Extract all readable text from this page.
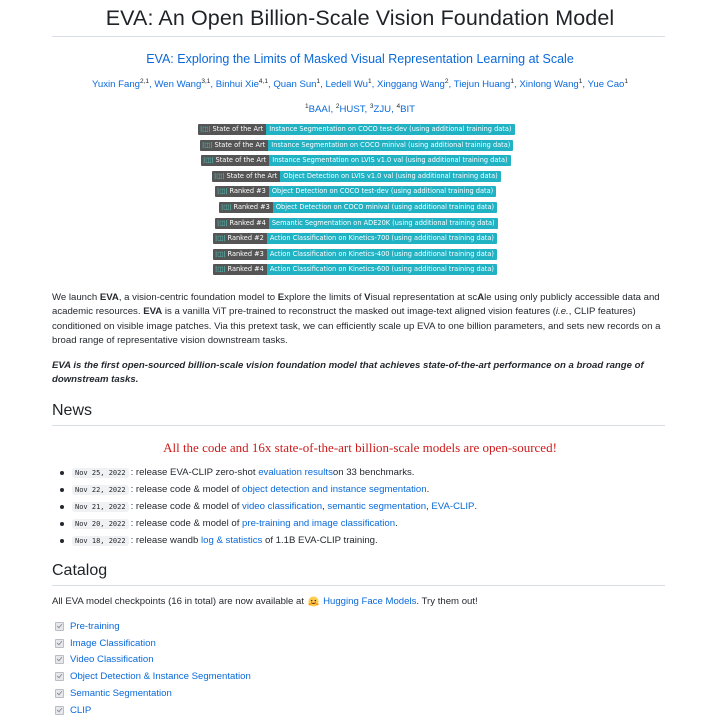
EVA: An Open Billion-Scale Vision Foundation Model
EVA: Exploring the Limits of Masked Visual Representation Learning at Scale
Yuxin Fang$^{2,1}$, Wen Wang$^{3,1}$, Binhui Xie$^{4,1}$, Quan Sun$^1$, Ledell Wu$^1$, Xinggang Wang$^2$, Tiejun Huang$^1$, Xinlong Wang$^1$, Yue Cao$^1$
$^1$BAAI, $^2$HUST, $^3$ZJU, $^4$BIT
|◫| State of the Art Instance Segmentation on COCO test-dev (using additional training data)
|◫| State of the Art Instance Segmentation on COCO minival (using additional training data)
|◫| State of the Art Instance Segmentation on LVIS v1.0 val (using additional training data)
|◫| State of the Art Object Detection on LVIS v1.0 val (using additional training data)
|◫| Ranked #3 Object Detection on COCO test-dev (using additional training data)
|◫| Ranked #3 Object Detection on COCO minival (using additional training data)
|◫| Ranked #4 Semantic Segmentation on ADE20K (using additional training data)
|◫| Ranked #2 Action Classification on Kinetics-700 (using additional training data)
|◫| Ranked #3 Action Classification on Kinetics-400 (using additional training data)
|◫| Ranked #4 Action Classification on Kinetics-600 (using additional training data)
We launch EVA, a vision-centric foundation model to Explore the limits of Visual representation at scAle using only publicly accessible data and academic resources. EVA is a vanilla ViT pre-trained to reconstruct the masked out image-text aligned vision features (i.e., CLIP features) conditioned on visible image patches. Via this pretext task, we can efficiently scale up EVA to one billion parameters, and sets new records on a broad range of representative vision downstream tasks.
EVA is the first open-sourced billion-scale vision foundation model that achieves state-of-the-art performance on a broad range of downstream tasks.
News
All the code and 16x state-of-the-art billion-scale models are open-sourced!
Nov 25, 2022 : release EVA-CLIP zero-shot
evaluation results on 33 benchmarks.
Nov 22, 2022 : release code & model of
object detection and instance segmentation .
Nov 21, 2022 : release code & model of
video classification ,
semantic segmentation ,
EVA-CLIP .
Nov 20, 2022 : release code & model of
pre-training and image classification .
Nov 18, 2022 : release wandb
log & statistics
of 1.1B EVA-CLIP training.
Catalog
All EVA model checkpoints (16 in total) are now available at Hugging Face Models . Try them out!
Pre-training
Image Classification
Video Classification
Object Detection & Instance Segmentation
Semantic Segmentation
CLIP
